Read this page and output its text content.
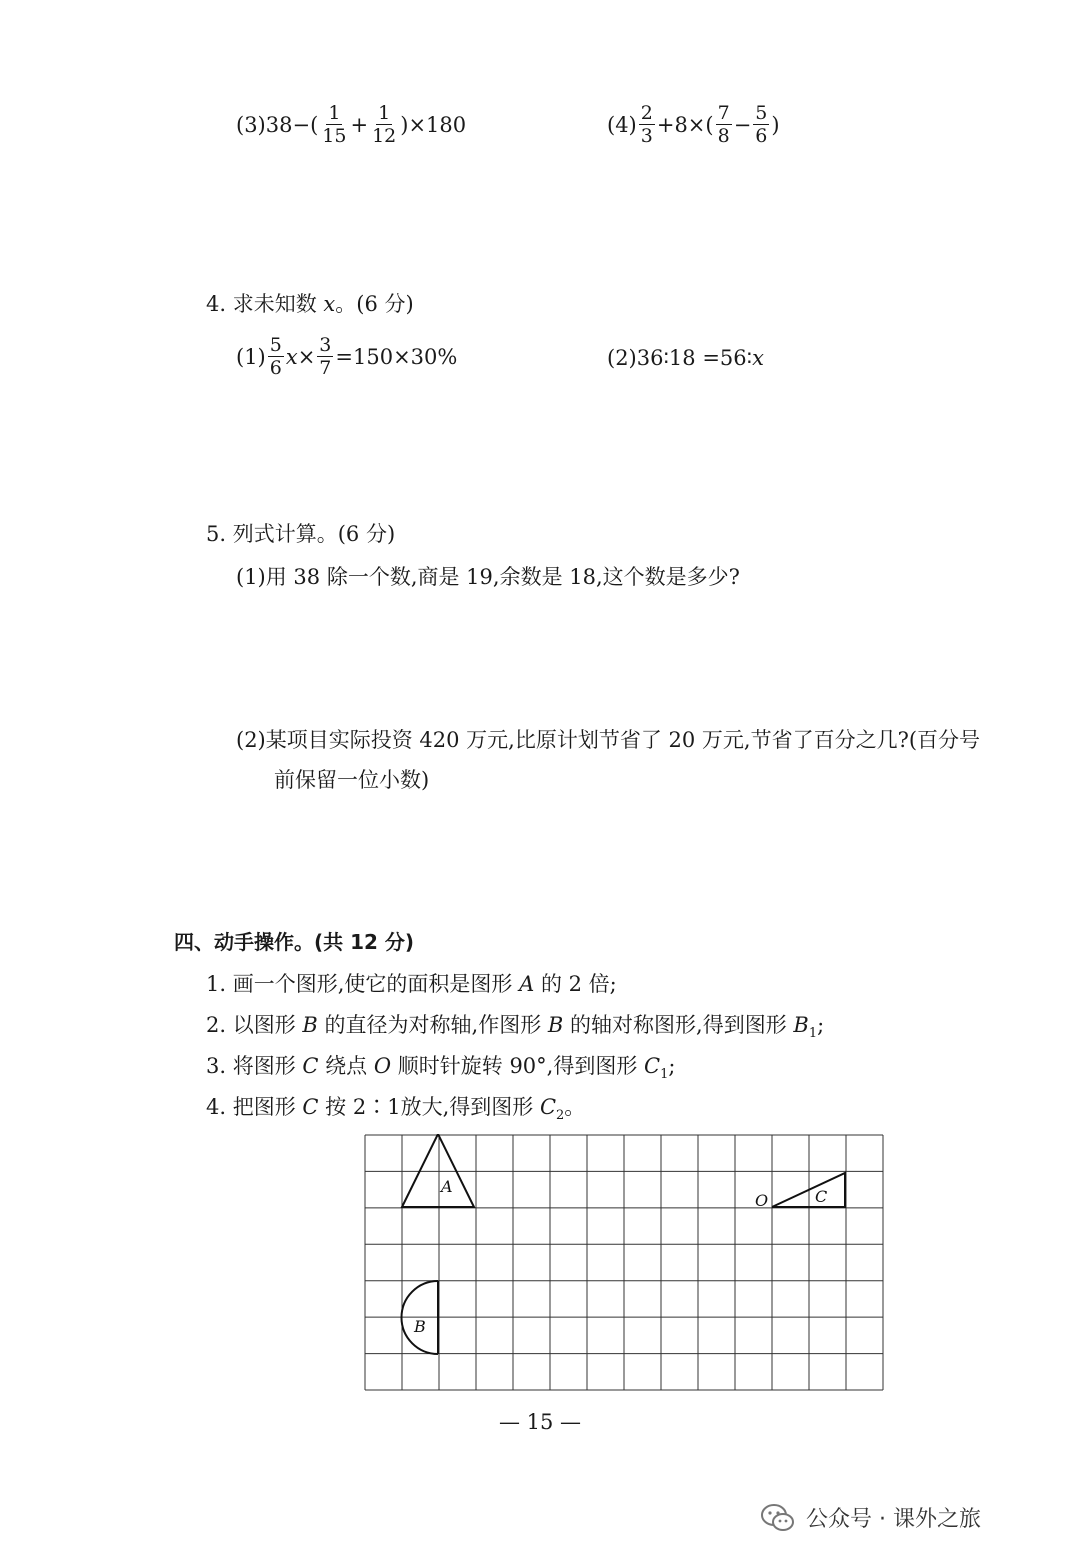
(3) 38 −( $\frac{1}{15} + \frac{1}{12} )\times 180$	$(4) \frac{2}{3} +8\times( \frac{7}{8} - \frac{5}{6}$ )
4. 求未知数 x。(6 分)
$(1) \frac{5}{6}$ $x \times \frac{3}{7} =150\times 30\%$	(2)36∶18 =56∶x
5. 列式计算。(6 分)
(1)用 38 除一个数,商是 19,余数是 18,这个数是多少?
(2)某项目实际投资 420 万元,比原计划节省了 20 万元,节省了百分之几?(百分号
前保留一位小数)
四、动手操作。(共 12 分)
1. 画一个图形,使它的面积是图形 A 的 2 倍;
2. 以图形 B 的直径为对称轴,作图形 B 的轴对称图形,得到图形 $B_1$;
3. 将图形 C 绕点 O 顺时针旋转 90°,得到图形 $C_1$;
4. 把图形 C 按 2∶1放大,得到图形 $C_2$。
A
B
C
O
— 15 —
公众号 · 课外之旅
